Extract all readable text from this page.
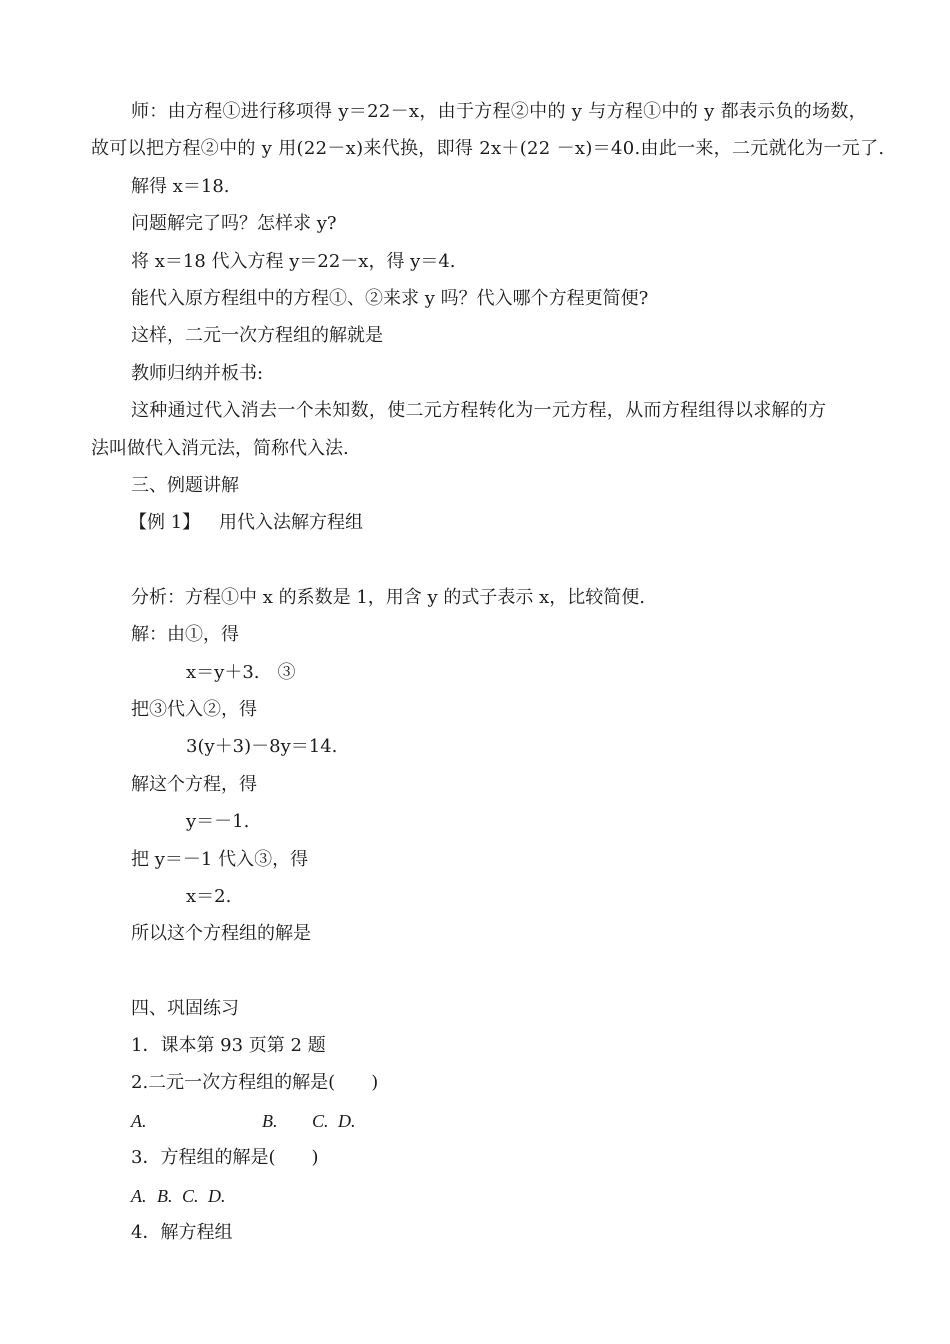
师：由方程①进行移项得 y＝22－x，由于方程②中的 y 与方程①中的 y 都表示负的场数，
故可以把方程②中的 y 用(22－x)来代换，即得 2x＋(22 －x)＝40.由此一来，二元就化为一元了.
解得 x＝18.
问题解完了吗？怎样求 y?
将 x＝18 代入方程 y＝22－x，得 y＝4.
能代入原方程组中的方程①、②来求 y 吗？代入哪个方程更简便?
这样，二元一次方程组的解就是
教师归纳并板书:
这种通过代入消去一个未知数，使二元方程转化为一元方程，从而方程组得以求解的方
法叫做代入消元法，简称代入法.
三、例题讲解
【例 1】 用代入法解方程组
分析：方程①中 x 的系数是 1，用含 y 的式子表示 x，比较简便.
解：由①，得
x＝y＋3.　③
把③代入②，得
3(y＋3)－8y＝14.
解这个方程，得
y＝－1.
把 y＝－1 代入③，得
x＝2.
所以这个方程组的解是
四、巩固练习
1．课本第 93 页第 2 题
2.二元一次方程组的解是(　　)
A.	B. C. D.
3．方程组的解是(　　)
A. B. C. D.
4．解方程组
